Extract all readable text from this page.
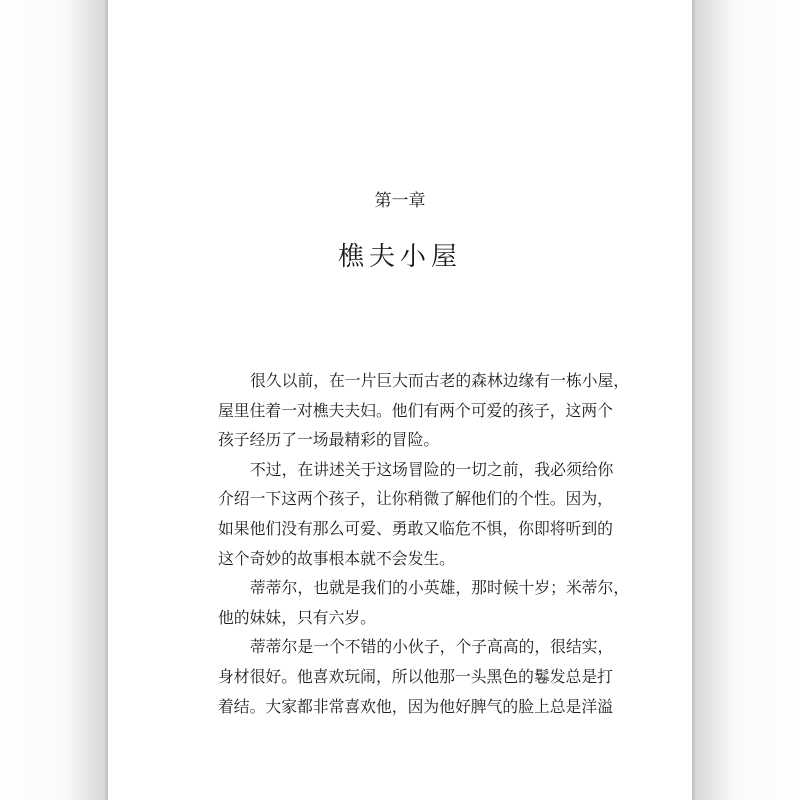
第一章
樵夫小屋
很久以前，在一片巨大而古老的森林边缘有一栋小屋，
屋里住着一对樵夫夫妇。他们有两个可爱的孩子，这两个
孩子经历了一场最精彩的冒险。
不过，在讲述关于这场冒险的一切之前，我必须给你
介绍一下这两个孩子，让你稍微了解他们的个性。因为，
如果他们没有那么可爱、勇敢又临危不惧，你即将听到的
这个奇妙的故事根本就不会发生。
蒂蒂尔，也就是我们的小英雄，那时候十岁；米蒂尔，
他的妹妹，只有六岁。
蒂蒂尔是一个不错的小伙子，个子高高的，很结实，
身材很好。他喜欢玩闹，所以他那一头黑色的鬈发总是打
着结。大家都非常喜欢他，因为他好脾气的脸上总是洋溢
